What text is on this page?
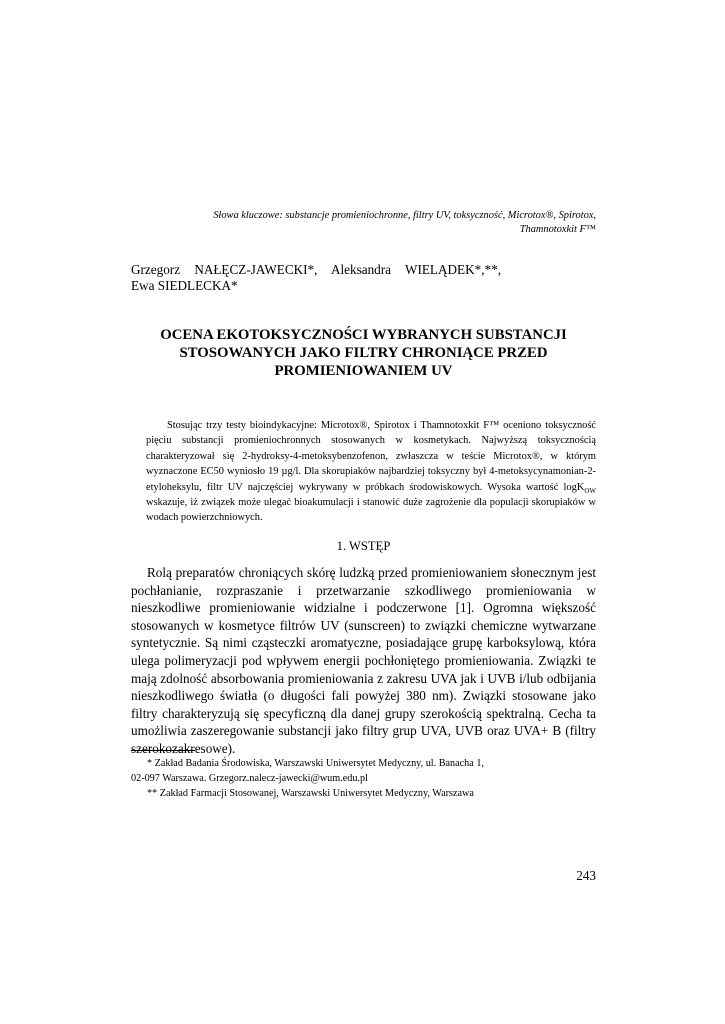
Słowa kluczowe: substancje promieniochronne, filtry UV, toksyczność, Microtox®, Spirotox,
Thamnotoxkit F™
Grzegorz NAŁĘCZ-JAWECKI*, Aleksandra WIELĄDEK*,**,
Ewa SIEDLECKA*
OCENA EKOTOKSYCZNOŚCI WYBRANYCH SUBSTANCJI
STOSOWANYCH JAKO FILTRY CHRONIĄCE PRZED
PROMIENIOWANIEM UV

Stosując trzy testy bioindykacyjne: Microtox®, Spirotox i Thamnotoxkit F™ oceniono toksyczność pięciu substancji promieniochronnych stosowanych w kosmetykach. Najwyższą toksycznością charakteryzował się 2-hydroksy-4-metoksybenzofenon, zwłaszcza w teście Microtox®, w którym wyznaczone EC50 wyniosło 19 µg/l. Dla skorupiaków najbardziej toksyczny był 4-metoksycynamonian-2-etyloheksylu, filtr UV najczęściej wykrywany w próbkach środowiskowych. Wysoka wartość logK$_{OW}$ wskazuje, iż związek może ulegać bioakumulacji i stanowić duże zagrożenie dla populacji skorupiaków w wodach powierzchniowych.

1. WSTĘP

Rolą preparatów chroniących skórę ludzką przed promieniowaniem słonecznym jest pochłanianie, rozpraszanie i przetwarzanie szkodliwego promieniowania w nieszkodliwe promieniowanie widzialne i podczerwone [1]. Ogromna większość stosowanych w kosmetyce filtrów UV (sunscreen) to związki chemiczne wytwarzane syntetycznie. Są nimi cząsteczki aromatyczne, posiadające grupę karboksylową, która ulega polimeryzacji pod wpływem energii pochłoniętego promieniowania. Związki te mają zdolność absorbowania promieniowania z zakresu UVA jak i UVB i/lub odbijania nieszkodliwego światła (o długości fali powyżej 380 nm). Związki stosowane jako filtry charakteryzują się specyficzną dla danej grupy szerokością spektralną. Cecha ta umożliwia zaszeregowanie substancji jako filtry grup UVA, UVB oraz UVA+ B (filtry szerokozakresowe).

* Zakład Badania Środowiska, Warszawski Uniwersytet Medyczny, ul. Banacha 1,
02-097 Warszawa. Grzegorz.nalecz-jawecki@wum.edu.pl
** Zakład Farmacji Stosowanej, Warszawski Uniwersytet Medyczny, Warszawa
243
